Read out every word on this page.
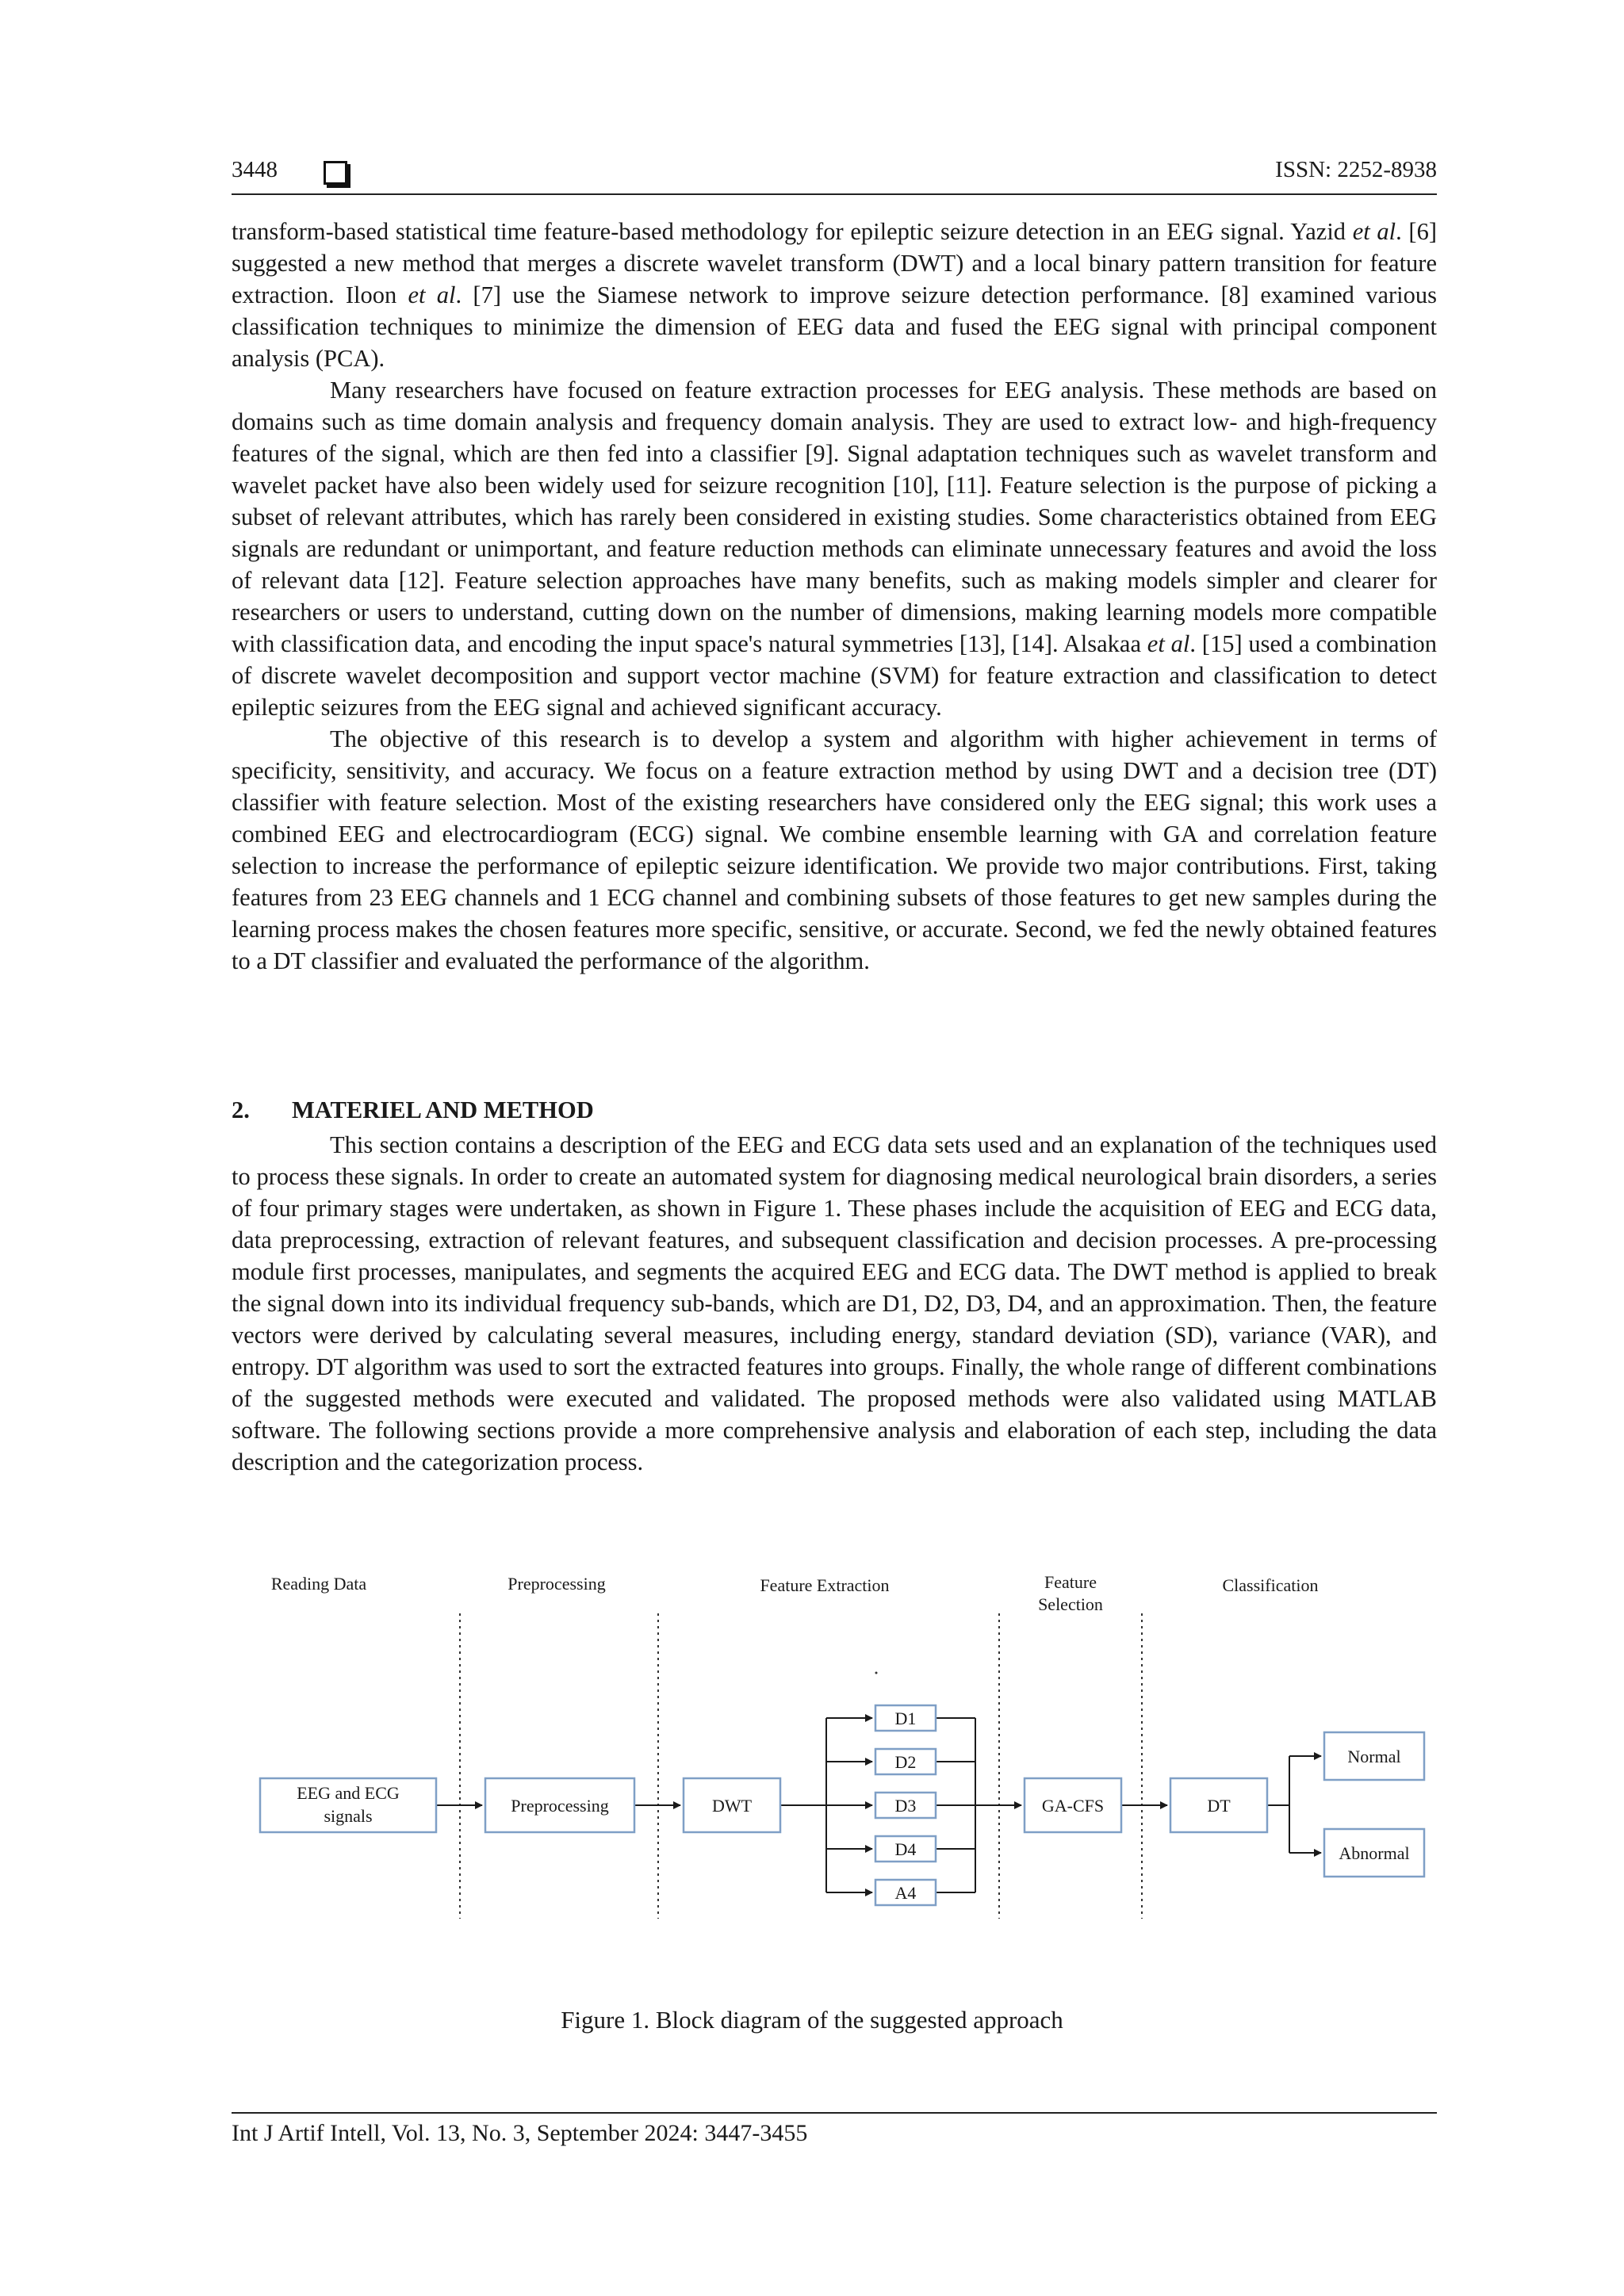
3448	ISSN: 2252-8938

transform-based statistical time feature-based methodology for epileptic seizure detection in an EEG signal. Yazid et al. [6] suggested a new method that merges a discrete wavelet transform (DWT) and a local binary pattern transition for feature extraction. Iloon et al. [7] use the Siamese network to improve seizure detection performance. [8] examined various classification techniques to minimize the dimension of EEG data and fused the EEG signal with principal component analysis (PCA).

Many researchers have focused on feature extraction processes for EEG analysis. These methods are based on domains such as time domain analysis and frequency domain analysis. They are used to extract low- and high-frequency features of the signal, which are then fed into a classifier [9]. Signal adaptation techniques such as wavelet transform and wavelet packet have also been widely used for seizure recognition [10], [11]. Feature selection is the purpose of picking a subset of relevant attributes, which has rarely been considered in existing studies. Some characteristics obtained from EEG signals are redundant or unimportant, and feature reduction methods can eliminate unnecessary features and avoid the loss of relevant data [12]. Feature selection approaches have many benefits, such as making models simpler and clearer for researchers or users to understand, cutting down on the number of dimensions, making learning models more compatible with classification data, and encoding the input space's natural symmetries [13], [14]. Alsakaa et al. [15] used a combination of discrete wavelet decomposition and support vector machine (SVM) for feature extraction and classification to detect epileptic seizures from the EEG signal and achieved significant accuracy.

The objective of this research is to develop a system and algorithm with higher achievement in terms of specificity, sensitivity, and accuracy. We focus on a feature extraction method by using DWT and a decision tree (DT) classifier with feature selection. Most of the existing researchers have considered only the EEG signal; this work uses a combined EEG and electrocardiogram (ECG) signal. We combine ensemble learning with GA and correlation feature selection to increase the performance of epileptic seizure identification. We provide two major contributions. First, taking features from 23 EEG channels and 1 ECG channel and combining subsets of those features to get new samples during the learning process makes the chosen features more specific, sensitive, or accurate. Second, we fed the newly obtained features to a DT classifier and evaluated the performance of the algorithm.

2. MATERIEL AND METHOD

This section contains a description of the EEG and ECG data sets used and an explanation of the techniques used to process these signals. In order to create an automated system for diagnosing medical neurological brain disorders, a series of four primary stages were undertaken, as shown in Figure 1. These phases include the acquisition of EEG and ECG data, data preprocessing, extraction of relevant features, and subsequent classification and decision processes. A pre-processing module first processes, manipulates, and segments the acquired EEG and ECG data. The DWT method is applied to break the signal down into its individual frequency sub-bands, which are D1, D2, D3, D4, and an approximation. Then, the feature vectors were derived by calculating several measures, including energy, standard deviation (SD), variance (VAR), and entropy. DT algorithm was used to sort the extracted features into groups. Finally, the whole range of different combinations of the suggested methods were executed and validated. The proposed methods were also validated using MATLAB software. The following sections provide a more comprehensive analysis and elaboration of each step, including the data description and the categorization process.

Reading Data	Preprocessing	Feature Extraction	Feature
Selection
Classification
EEG and ECG
signals
Preprocessing	DWT
D1
D2
D3
D4
A4
GA-CFS	DT
Normal
Abnormal
Figure 1. Block diagram of the suggested approach
Int J Artif Intell, Vol. 13, No. 3, September 2024: 3447-3455
